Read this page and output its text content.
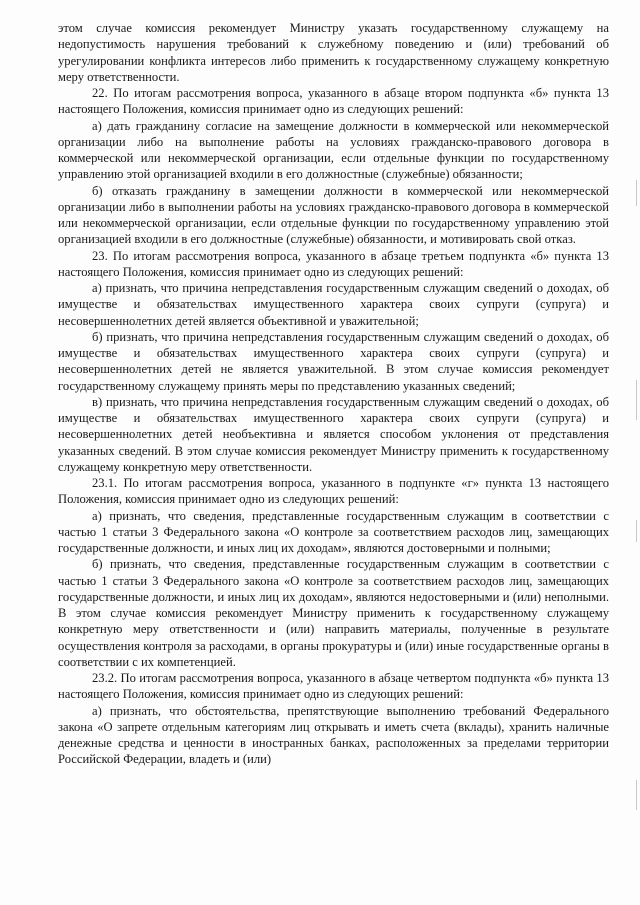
этом случае комиссия рекомендует Министру указать государственному служащему на недопустимость нарушения требований к служебному поведению и (или) требований об урегулировании конфликта интересов либо применить к государственному служащему конкретную меру ответственности.

22. По итогам рассмотрения вопроса, указанного в абзаце втором подпункта «б» пункта 13 настоящего Положения, комиссия принимает одно из следующих решений:

а) дать гражданину согласие на замещение должности в коммерческой или некоммерческой организации либо на выполнение работы на условиях гражданско-правового договора в коммерческой или некоммерческой организации, если отдельные функции по государственному управлению этой организацией входили в его должностные (служебные) обязанности;

б) отказать гражданину в замещении должности в коммерческой или некоммерческой организации либо в выполнении работы на условиях гражданско-правового договора в коммерческой или некоммерческой организации, если отдельные функции по государственному управлению этой организацией входили в его должностные (служебные) обязанности, и мотивировать свой отказ.

23. По итогам рассмотрения вопроса, указанного в абзаце третьем подпункта «б» пункта 13 настоящего Положения, комиссия принимает одно из следующих решений:

а) признать, что причина непредставления государственным служащим сведений о доходах, об имуществе и обязательствах имущественного характера своих супруги (супруга) и несовершеннолетних детей является объективной и уважительной;

б) признать, что причина непредставления государственным служащим сведений о доходах, об имуществе и обязательствах имущественного характера своих супруги (супруга) и несовершеннолетних детей не является уважительной. В этом случае комиссия рекомендует государственному служащему принять меры по представлению указанных сведений;

в) признать, что причина непредставления государственным служащим сведений о доходах, об имуществе и обязательствах имущественного характера своих супруги (супруга) и несовершеннолетних детей необъективна и является способом уклонения от представления указанных сведений. В этом случае комиссия рекомендует Министру применить к государственному служащему конкретную меру ответственности.

23.1. По итогам рассмотрения вопроса, указанного в подпункте «г» пункта 13 настоящего Положения, комиссия принимает одно из следующих решений:

а) признать, что сведения, представленные государственным служащим в соответствии с частью 1 статьи 3 Федерального закона «О контроле за соответствием расходов лиц, замещающих государственные должности, и иных лиц их доходам», являются достоверными и полными;

б) признать, что сведения, представленные государственным служащим в соответствии с частью 1 статьи 3 Федерального закона «О контроле за соответствием расходов лиц, замещающих государственные должности, и иных лиц их доходам», являются недостоверными и (или) неполными. В этом случае комиссия рекомендует Министру применить к государственному служащему конкретную меру ответственности и (или) направить материалы, полученные в результате осуществления контроля за расходами, в органы прокуратуры и (или) иные государственные органы в соответствии с их компетенцией.

23.2. По итогам рассмотрения вопроса, указанного в абзаце четвертом подпункта «б» пункта 13 настоящего Положения, комиссия принимает одно из следующих решений:

а) признать, что обстоятельства, препятствующие выполнению требований Федерального закона «О запрете отдельным категориям лиц открывать и иметь счета (вклады), хранить наличные денежные средства и ценности в иностранных банках, расположенных за пределами территории Российской Федерации, владеть и (или)
